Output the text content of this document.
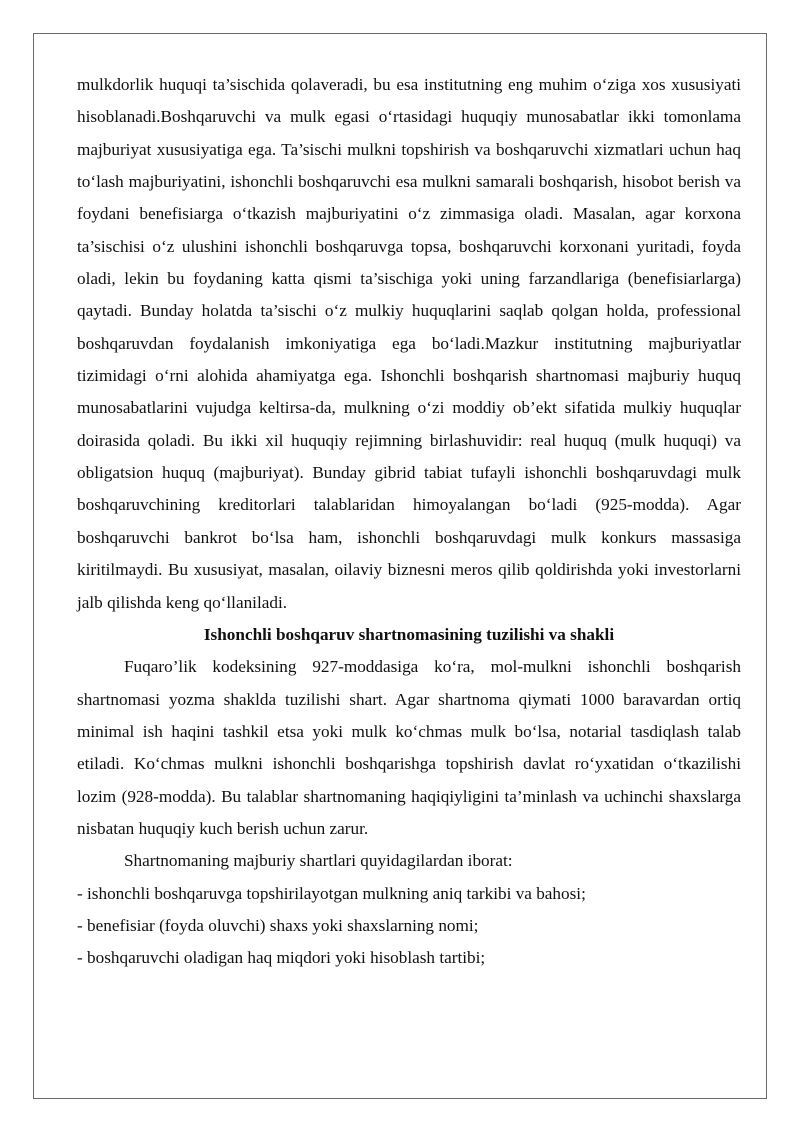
mulkdorlik huquqi ta’sischida qolaveradi, bu esa institutning eng muhim o‘ziga xos xususiyati hisoblanadi.Boshqaruvchi va mulk egasi o‘rtasidagi huquqiy munosabatlar ikki tomonlama majburiyat xususiyatiga ega. Ta’sischi mulkni topshirish va boshqaruvchi xizmatlari uchun haq to‘lash majburiyatini, ishonchli boshqaruvchi esa mulkni samarali boshqarish, hisobot berish va foydani benefisiarga o‘tkazish majburiyatini o‘z zimmasiga oladi. Masalan, agar korxona ta’sischisi o‘z ulushini ishonchli boshqaruvga topsa, boshqaruvchi korxonani yuritadi, foyda oladi, lekin bu foydaning katta qismi ta’sischiga yoki uning farzandlariga (benefisiarlarga) qaytadi. Bunday holatda ta’sischi o‘z mulkiy huquqlarini saqlab qolgan holda, professional boshqaruvdan foydalanish imkoniyatiga ega bo‘ladi.Mazkur institutning majburiyatlar tizimidagi o‘rni alohida ahamiyatga ega. Ishonchli boshqarish shartnomasi majburiy huquq munosabatlarini vujudga keltirsa-da, mulkning o‘zi moddiy ob’ekt sifatida mulkiy huquqlar doirasida qoladi. Bu ikki xil huquqiy rejimning birlashuvidir: real huquq (mulk huquqi) va obligatsion huquq (majburiyat). Bunday gibrid tabiat tufayli ishonchli boshqaruvdagi mulk boshqaruvchining kreditorlari talablaridan himoyalangan bo‘ladi (925-modda). Agar boshqaruvchi bankrot bo‘lsa ham, ishonchli boshqaruvdagi mulk konkurs massasiga kiritilmaydi. Bu xususiyat, masalan, oilaviy biznesni meros qilib qoldirishda yoki investorlarni jalb qilishda keng qo‘llaniladi.

Ishonchli boshqaruv shartnomasining tuzilishi va shakli

Fuqaro’lik kodeksining 927-moddasiga ko‘ra, mol-mulkni ishonchli boshqarish shartnomasi yozma shaklda tuzilishi shart. Agar shartnoma qiymati 1000 baravardan ortiq minimal ish haqini tashkil etsa yoki mulk ko‘chmas mulk bo‘lsa, notarial tasdiqlash talab etiladi. Ko‘chmas mulkni ishonchli boshqarishga topshirish davlat ro‘yxatidan o‘tkazilishi lozim (928-modda). Bu talablar shartnomaning haqiqiyligini ta’minlash va uchinchi shaxslarga nisbatan huquqiy kuch berish uchun zarur.

Shartnomaning majburiy shartlari quyidagilardan iborat:

- ishonchli boshqaruvga topshirilayotgan mulkning aniq tarkibi va bahosi;

- benefisiar (foyda oluvchi) shaxs yoki shaxslarning nomi;

- boshqaruvchi oladigan haq miqdori yoki hisoblash tartibi;
